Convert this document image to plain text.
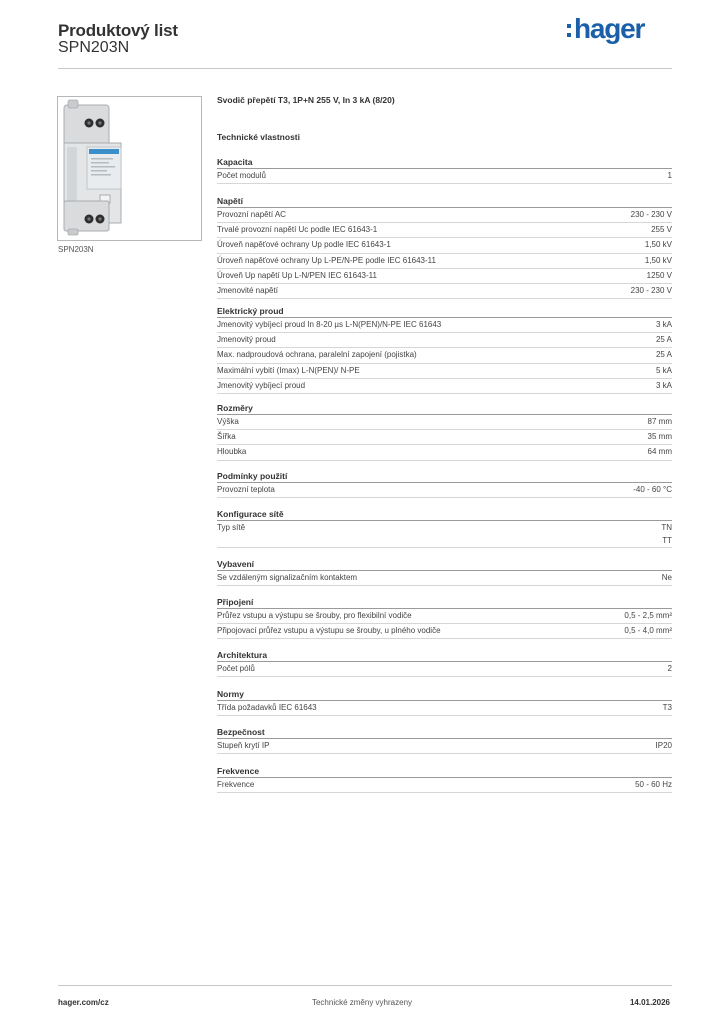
Produktový list
SPN203N
hager
SPN203N
Svodič přepětí T3, 1P+N 255 V, In 3 kA (8/20)
Technické vlastnosti
Kapacita
Počet modulů	1
Napětí
Provozní napětí AC	230 - 230 V
Trvalé provozní napětí Uc podle IEC 61643-1	255 V
Úroveň napěťové ochrany Up podle IEC 61643-1	1,50 kV
Úroveň napěťové ochrany Up L-PE/N-PE podle IEC 61643-11	1,50 kV
Úroveň Up napětí Up L-N/PEN IEC 61643-11	1250 V
Jmenovité napětí	230 - 230 V
Elektrický proud
Jmenovitý vybíjecí proud In 8-20 µs L-N(PEN)/N-PE IEC 61643	3 kA
Jmenovitý proud	25 A
Max. nadproudová ochrana, paralelní zapojení (pojistka)	25 A
Maximální vybití (Imax) L-N(PEN)/ N-PE	5 kA
Jmenovitý vybíjecí proud	3 kA
Rozměry
Výška	87 mm
Šířka	35 mm
Hloubka	64 mm
Podmínky použití
Provozní teplota	-40 - 60 °C
Konfigurace sítě
Typ sítě	TN
TT
Vybavení
Se vzdáleným signalizačním kontaktem	Ne
Připojení
Průřez vstupu a výstupu se šrouby, pro flexibilní vodiče	0,5 - 2,5 mm²
Připojovací průřez vstupu a výstupu se šrouby, u plného vodiče	0,5 - 4,0 mm²
Architektura
Počet pólů	2
Normy
Třída požadavků IEC 61643	T3
Bezpečnost
Stupeň krytí IP	IP20
Frekvence
Frekvence	50 - 60 Hz
hager.com/cz	Technické změny vyhrazeny	14.01.2026
